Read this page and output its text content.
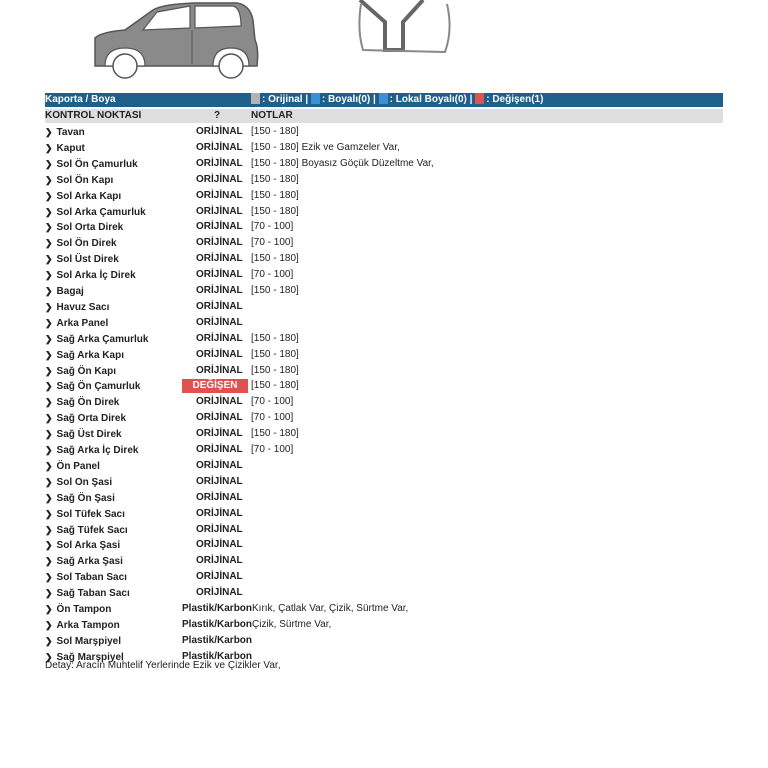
Kaporta / Boya	: Orijinal | : Boyalı(0) | : Lokal Boyalı(0) | : Değişen(1)
KONTROL NOKTASI	?	NOTLAR
❯ Tavan	ORİJİNAL [150 - 180]
❯ Kaput	ORİJİNAL [150 - 180] Ezik ve Gamzeler Var,
❯ Sol Ön Çamurluk	ORİJİNAL [150 - 180] Boyasız Göçük Düzeltme Var,
❯ Sol Ön Kapı	ORİJİNAL [150 - 180]
❯ Sol Arka Kapı	ORİJİNAL [150 - 180]
❯ Sol Arka Çamurluk	ORİJİNAL [150 - 180]
❯ Sol Orta Direk	ORİJİNAL [70 - 100]
❯ Sol Ön Direk	ORİJİNAL [70 - 100]
❯ Sol Üst Direk	ORİJİNAL [150 - 180]
❯ Sol Arka İç Direk	ORİJİNAL [70 - 100]
❯ Bagaj	ORİJİNAL [150 - 180]
❯ Havuz Sacı	ORİJİNAL
❯ Arka Panel	ORİJİNAL
❯ Sağ Arka Çamurluk	ORİJİNAL [150 - 180]
❯ Sağ Arka Kapı	ORİJİNAL [150 - 180]
❯ Sağ Ön Kapı	ORİJİNAL [150 - 180]
❯ Sağ Ön Çamurluk	DEĞİŞEN	[150 - 180]
❯ Sağ Ön Direk	ORİJİNAL [70 - 100]
❯ Sağ Orta Direk	ORİJİNAL [70 - 100]
❯ Sağ Üst Direk	ORİJİNAL [150 - 180]
❯ Sağ Arka İç Direk	ORİJİNAL [70 - 100]
❯ Ön Panel	ORİJİNAL
❯ Sol On Şasi	ORİJİNAL
❯ Sağ Ön Şasi	ORİJİNAL
❯ Sol Tüfek Sacı	ORİJİNAL
❯ Sağ Tüfek Sacı	ORİJİNAL
❯ Sol Arka Şasi	ORİJİNAL
❯ Sağ Arka Şasi	ORİJİNAL
❯ Sol Taban Sacı	ORİJİNAL
❯ Sağ Taban Sacı	ORİJİNAL
❯ Ön Tampon	Plastik/Karbon Kırık, Çatlak Var, Çizik, Sürtme Var,
❯ Arka Tampon	Plastik/Karbon Çizik, Sürtme Var,
❯ Sol Marşpiyel	Plastik/Karbon
❯ Sağ Marşpiyel	Plastik/Karbon
Detay: Aracın Muhtelif Yerlerinde Ezik ve Çizikler Var,
